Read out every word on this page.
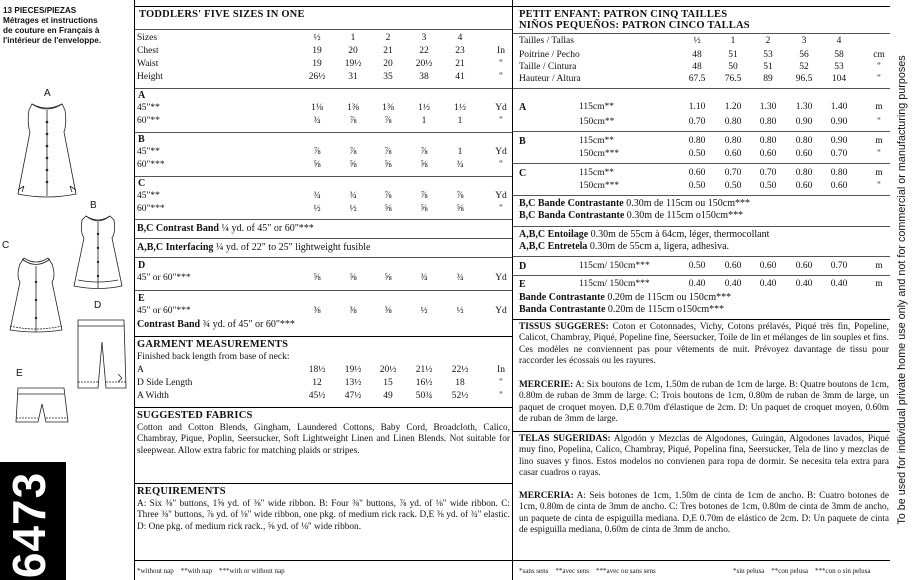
13 PIECES/PIEZAS
Métrages et instructions
de couture en Français à
l'intérieur de l'enveloppe.
A
B
C
D
E
6473
TODDLERS' FIVE SIZES IN ONE
Sizes	½	1	2	3	4
Chest	19	20	21	22	23	In
Waist	19	19½	20	20½	21	"
Height	26½	31	35	38	41	"
A
45"**	1⅛	1⅜	1⅜	1½	1½	Yd
60"**	¾	⅞	⅞	1	1	"
B
45"**	⅞	⅞	⅞	⅞	1	Yd
60"***	⅝	⅝	⅝	⅝	¾	"
C
45"**	¾	¾	⅞	⅞	⅞	Yd
60"***	½	½	⅝	⅝	⅝	"
B,C Contrast Band ¼ yd. of 45" or 60"***
A,B,C Interfacing ¼ yd. of 22" to 25" lightweight fusible
D
45" or 60"***	⅝	⅝	⅝	¾	¾	Yd
E
45" or 60"***	⅜	⅜	⅜	½	½	Yd
Contrast Band ¾ yd. of 45" or 60"***
GARMENT MEASUREMENTS
Finished back length from base of neck:
A	18½	19½	20½	21½	22½	In
D Side Length	12	13½	15	16½	18	"
A Width	45½	47½	49	50¾	52½	"
SUGGESTED FABRICS
Cotton and Cotton Blends, Gingham, Laundered Cottons, Baby Cord, Broadcloth, Calico, Chambray, Pique, Poplin, Seersucker, Soft Lightweight Linen and Linen Blends. Not suitable for sleepwear. Allow extra fabric for matching plaids or stripes.
REQUIREMENTS
A: Six ⅜" buttons, 1⅝ yd. of ⅜" wide ribbon. B: Four ⅜" buttons, ⅞ yd. of ⅛" wide ribbon. C: Three ⅜" buttons, ⅞ yd. of ⅛" wide ribbon, one pkg. of medium rick rack. D,E ⅜ yd. of ¾" elastic. D: One pkg. of medium rick rack., ⅝ yd. of ⅛" wide ribbon.
*without nap    **with nap    ***with or without nap
PETIT ENFANT: PATRON CINQ TAILLES
NIÑOS PEQUEÑOS: PATRON CINCO TALLAS
Tailles / Tallas	½	1	2	3	4
Poitrine / Pecho	48	51	53	56	58	cm
Taille / Cintura	48	50	51	52	53	"
Hauteur / Altura	67.5	76.5	89	96.5	104	"
A	115cm**	1.10	1.20	1.30	1.30	1.40	m
150cm**	0.70	0.80	0.80	0.90	0.90	"
B	115cm**	0.80	0.80	0.80	0.80	0.90	m
150cm***	0.50	0.60	0.60	0.60	0.70	"
C	115cm**	0.60	0.70	0.70	0.80	0.80	m
150cm***	0.50	0.50	0.50	0.60	0.60	"
B,C Bande Contrastante 0.30m de 115cm ou 150cm***
B,C Banda Contrastante 0.30m de 115cm o150cm***
A,B,C Entoilage 0.30m de 55cm à 64cm, léger, thermocollant
A,B,C Entretela 0.30m de 55cm a, ligera, adhesiva.
D	115cm/ 150cm***	0.50	0.60	0.60	0.60	0.70	m
E	115cm/ 150cm***	0.40	0.40	0.40	0.40	0.40	m
Bande Contrastante 0.20m de 115cm ou 150cm***
Banda Contrastante 0.20m de 115cm o150cm***
TISSUS SUGGERES: Coton et Cotonnades, Vichy, Cotons prélavés, Piqué très fin, Popeline, Calicot, Chambray, Piqué, Popeline fine, Seersucker, Toile de lin et mélanges de lin souples et fins. Ces modèles ne conviennent pas pour vêtements de nuit. Prévoyez davantage de tissu pour raccorder les écossais ou les rayures.
MERCERIE: A: Six boutons de 1cm, 1.50m de ruban de 1cm de large. B: Quatre boutons de 1cm, 0.80m de ruban de 3mm de large. C: Trois boutons de 1cm, 0.80m de ruban de 3mm de large, un paquet de croquet moyen. D,E 0.70m d'élastique de 2cm. D: Un paquet de croquet moyen, 0.60m de ruban de 3mm de large.
TELAS SUGERIDAS: Algodón y Mezclas de Algodones, Guingán, Algodones lavados, Piqué muy fino, Popelina, Calico, Chambray, Piqué, Popelina fina, Seersucker, Tela de lino y mezclas de lino suaves y finos. Estos modelos no convienen para ropa de dormir. Se necesita tela extra para casar cuadros o rayas.
MERCERIA: A: Seis botones de 1cm, 1.50m de cinta de 1cm de ancho. B: Cuatro botones de 1cm, 0.80m de cinta de 3mm de ancho. C: Tres botones de 1cm, 0.80m de cinta de 3mm de ancho, un paquete de cinta de espiguilla mediana. D,E 0.70m de elástico de 2cm. D: Un paquete de cinta de espiguilla mediana, 0.60m de cinta de 3mm de ancho.
*sans sens    **avec sens    ***avec ou sans sens	*sin pelusa    **con pelusa    ***con o sin pelusa
To be used for individual private home use only and not for commercial or manufacturing purposes
